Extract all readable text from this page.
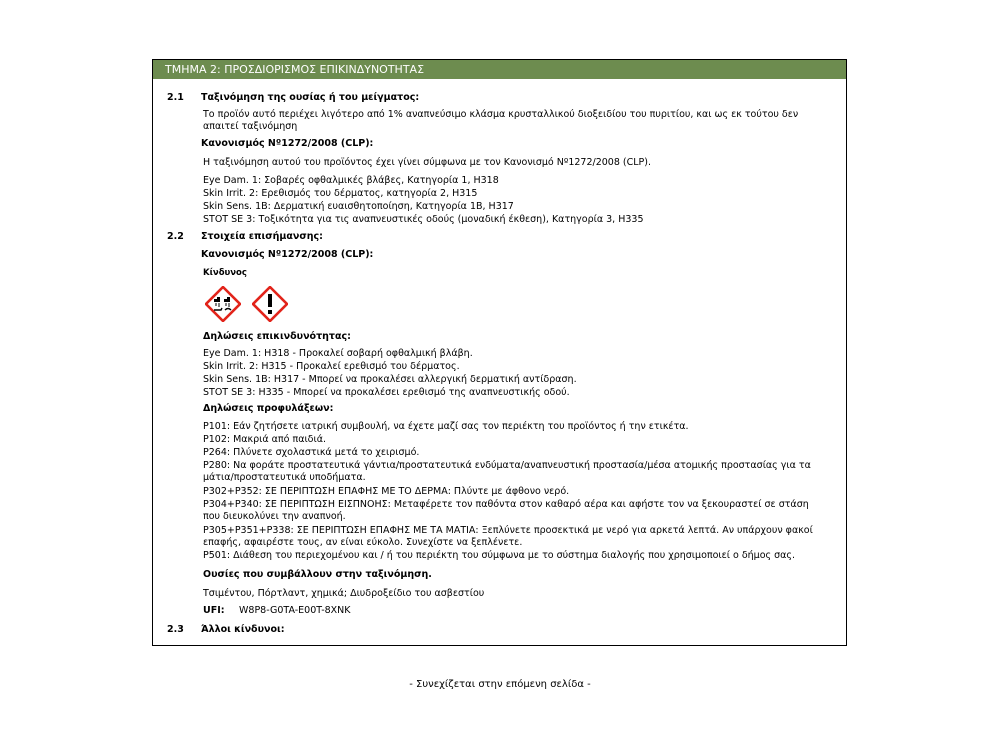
ΤΜΗΜΑ 2: ΠΡΟΣΔΙΟΡΙΣΜΟΣ ΕΠΙΚΙΝΔΥΝΟΤΗΤΑΣ
2.1 Ταξινόμηση της ουσίας ή του μείγματος:
Το προϊόν αυτό περιέχει λιγότερο από 1% αναπνεύσιμο κλάσμα κρυσταλλικού διοξειδίου του πυριτίου, και ως εκ τούτου δεν απαιτεί ταξινόμηση
Κανονισμός Nº1272/2008 (CLP):
Η ταξινόμηση αυτού του προϊόντος έχει γίνει σύμφωνα με τον Κανονισμό Nº1272/2008 (CLP).
Eye Dam. 1: Σοβαρές οφθαλμικές βλάβες, Κατηγορία 1, H318
Skin Irrit. 2: Ερεθισμός του δέρματος, κατηγορία 2, H315
Skin Sens. 1B: Δερματική ευαισθητοποίηση, Κατηγορία 1B, H317
STOT SE 3: Τοξικότητα για τις αναπνευστικές οδούς (μοναδική έκθεση), Κατηγορία 3, H335
2.2 Στοιχεία επισήμανσης:
Κανονισμός Nº1272/2008 (CLP):
Κίνδυνος
Δηλώσεις επικινδυνότητας:
Eye Dam. 1: H318 - Προκαλεί σοβαρή οφθαλμική βλάβη.
Skin Irrit. 2: H315 - Προκαλεί ερεθισμό του δέρματος.
Skin Sens. 1B: H317 - Μπορεί να προκαλέσει αλλεργική δερματική αντίδραση.
STOT SE 3: H335 - Μπορεί να προκαλέσει ερεθισμό της αναπνευστικής οδού.
Δηλώσεις προφυλάξεων:
P101: Εάν ζητήσετε ιατρική συμβουλή, να έχετε μαζί σας τον περιέκτη του προϊόντος ή την ετικέτα.
P102: Μακριά από παιδιά.
P264: Πλύνετε σχολαστικά μετά το χειρισμό.
P280: Να φοράτε προστατευτικά γάντια/προστατευτικά ενδύματα/αναπνευστική προστασία/μέσα ατομικής προστασίας για τα μάτια/προστατευτικά υποδήματα.
P302+P352: ΣΕ ΠΕΡΙΠΤΩΣΗ ΕΠΑΦΗΣ ΜΕ ΤΟ ΔΕΡΜΑ: Πλύντε με άφθονο νερό.
P304+P340: ΣΕ ΠΕΡΙΠΤΩΣΗ ΕΙΣΠΝΟΗΣ: Μεταφέρετε τον παθόντα στον καθαρό αέρα και αφήστε τον να ξεκουραστεί σε στάση που διευκολύνει την αναπνοή.
P305+P351+P338: ΣΕ ΠΕΡΙΠΤΩΣΗ ΕΠΑΦΗΣ ΜΕ ΤΑ ΜΑΤΙΑ: Ξεπλύνετε προσεκτικά με νερό για αρκετά λεπτά. Αν υπάρχουν φακοί επαφής, αφαιρέστε τους, αν είναι εύκολο. Συνεχίστε να ξεπλένετε.
P501: Διάθεση του περιεχομένου και / ή του περιέκτη του σύμφωνα με το σύστημα διαλογής που χρησιμοποιεί ο δήμος σας.
Ουσίες που συμβάλλουν στην ταξινόμηση.
Τσιμέντου, Πόρτλαντ, χημικά; Διυδροξείδιο του ασβεστίου
UFI: W8P8-G0TA-E00T-8XNK
2.3 Άλλοι κίνδυνοι:
- Συνεχίζεται στην επόμενη σελίδα -
